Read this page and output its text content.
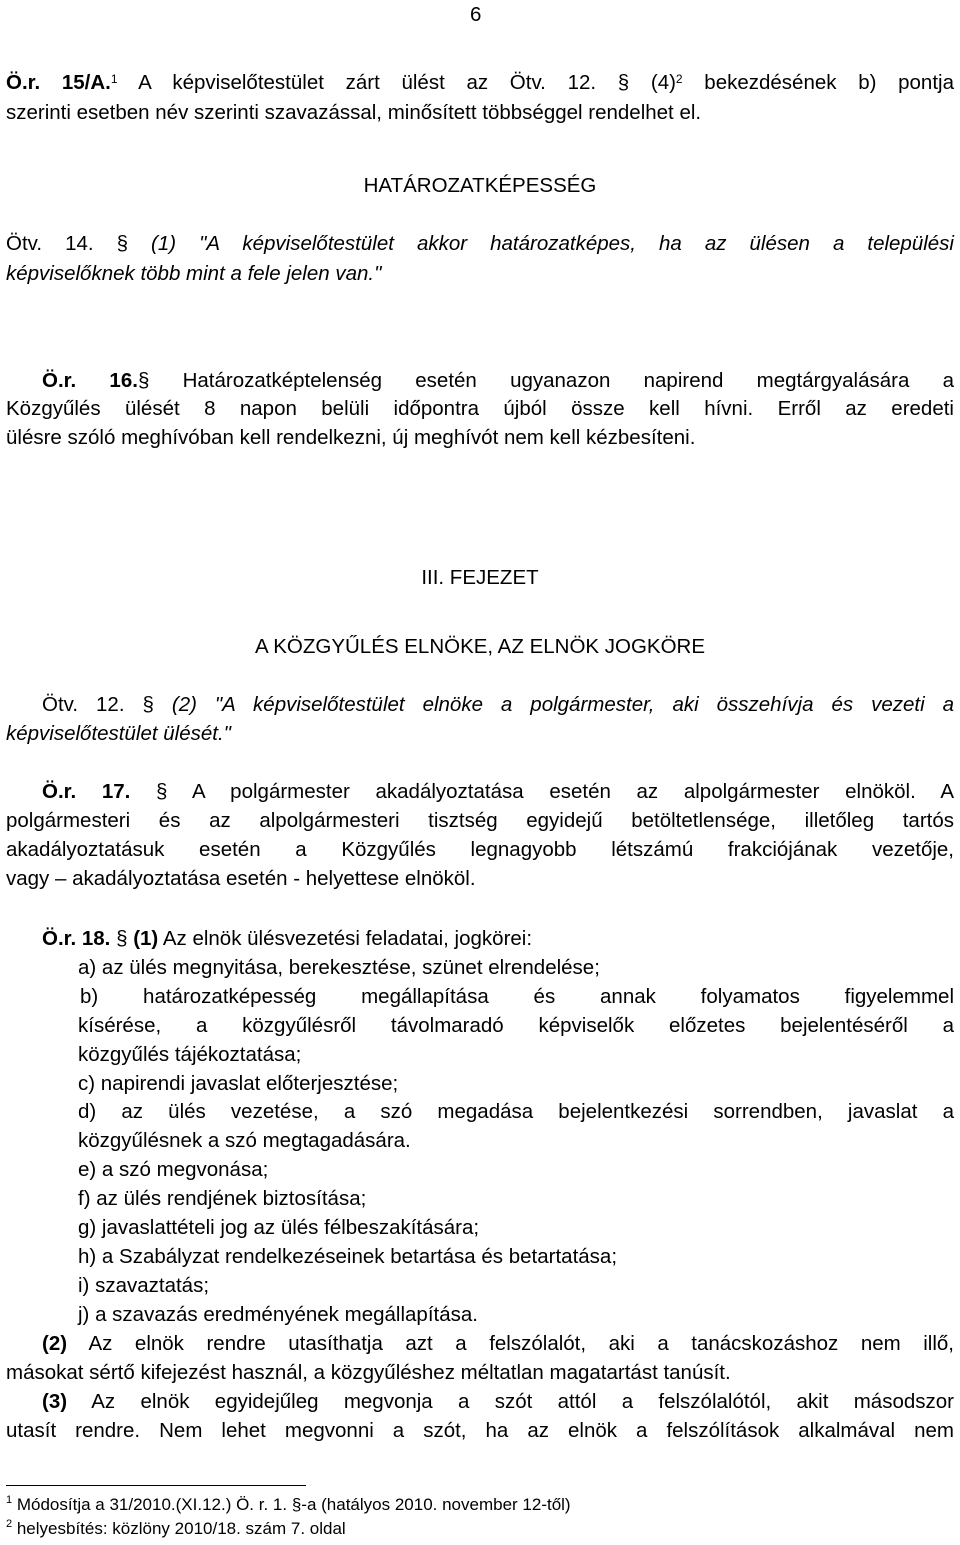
6
Ö.r. 15/A.$^1$ A képviselőtestület zárt ülést az Ötv. 12. § $(4)^2$ bekezdésének b) pontja
szerinti esetben név szerinti szavazással, minősített többséggel rendelhet el.
HATÁROZATKÉPESSÉG
Ötv. 14. § (1) "A képviselőtestület akkor határozatképes, ha az ülésen a települési
képviselőknek több mint a fele jelen van."
Ö.r. 16.§ Határozatképtelenség esetén ugyanazon napirend megtárgyalására a
Közgyűlés ülését 8 napon belüli időpontra újból össze kell hívni. Erről az eredeti
ülésre szóló meghívóban kell rendelkezni, új meghívót nem kell kézbesíteni.
III. FEJEZET
A KÖZGYŰLÉS ELNÖKE, AZ ELNÖK JOGKÖRE
Ötv. 12. § (2) "A képviselőtestület elnöke a polgármester, aki összehívja és vezeti a
képviselőtestület ülését."
Ö.r. 17. § A polgármester akadályoztatása esetén az alpolgármester elnököl. A
polgármesteri és az alpolgármesteri tisztség egyidejű betöltetlensége, illetőleg tartós
akadályoztatásuk esetén a Közgyűlés legnagyobb létszámú frakciójának vezetője,
vagy – akadályoztatása esetén - helyettese elnököl.
Ö.r. 18. § (1) Az elnök ülésvezetési feladatai, jogkörei:
a) az ülés megnyitása, berekesztése, szünet elrendelése;
b) határozatképesség megállapítása és annak folyamatos figyelemmel
kísérése, a közgyűlésről távolmaradó képviselők előzetes bejelentéséről a
közgyűlés tájékoztatása;
c) napirendi javaslat előterjesztése;
d) az ülés vezetése, a szó megadása bejelentkezési sorrendben, javaslat a
közgyűlésnek a szó megtagadására.
e) a szó megvonása;
f) az ülés rendjének biztosítása;
g) javaslattételi jog az ülés félbeszakítására;
h) a Szabályzat rendelkezéseinek betartása és betartatása;
i) szavaztatás;
j) a szavazás eredményének megállapítása.
(2) Az elnök rendre utasíthatja azt a felszólalót, aki a tanácskozáshoz nem illő,
másokat sértő kifejezést használ, a közgyűléshez méltatlan magatartást tanúsít.
(3) Az elnök egyidejűleg megvonja a szót attól a felszólalótól, akit másodszor
utasít rendre. Nem lehet megvonni a szót, ha az elnök a felszólítások alkalmával nem
$^1$ Módosítja a 31/2010.(XI.12.) Ö. r. 1. §-a (hatályos 2010. november 12-től)
$^2$ helyesbítés: közlöny 2010/18. szám 7. oldal
